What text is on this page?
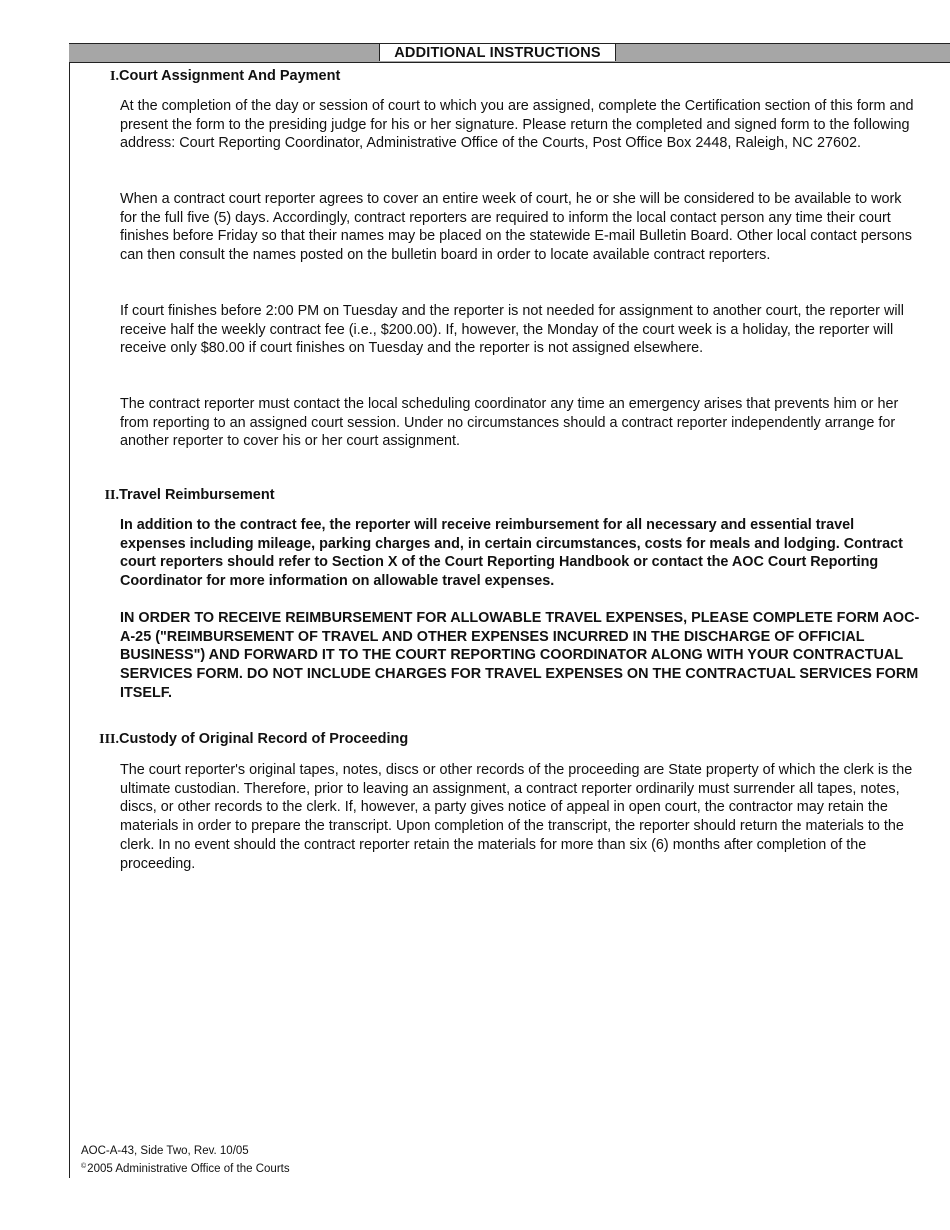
ADDITIONAL INSTRUCTIONS
I. Court Assignment And Payment

At the completion of the day or session of court to which you are assigned, complete the Certification section of this form and present the form to the presiding judge for his or her signature. Please return the completed and signed form to the following address: Court Reporting Coordinator, Administrative Office of the Courts, Post Office Box 2448, Raleigh, NC 27602.

When a contract court reporter agrees to cover an entire week of court, he or she will be considered to be available to work for the full five (5) days. Accordingly, contract reporters are required to inform the local contact person any time their court finishes before Friday so that their names may be placed on the statewide E-mail Bulletin Board. Other local contact persons can then consult the names posted on the bulletin board in order to locate available contract reporters.

If court finishes before 2:00 PM on Tuesday and the reporter is not needed for assignment to another court, the reporter will receive half the weekly contract fee (i.e., $200.00). If, however, the Monday of the court week is a holiday, the reporter will receive only $80.00 if court finishes on Tuesday and the reporter is not assigned elsewhere.

The contract reporter must contact the local scheduling coordinator any time an emergency arises that prevents him or her from reporting to an assigned court session. Under no circumstances should a contract reporter independently arrange for another reporter to cover his or her court assignment.

II. Travel Reimbursement

In addition to the contract fee, the reporter will receive reimbursement for all necessary and essential travel expenses including mileage, parking charges and, in certain circumstances, costs for meals and lodging. Contract court reporters should refer to Section X of the Court Reporting Handbook or contact the AOC Court Reporting Coordinator for more information on allowable travel expenses.

IN ORDER TO RECEIVE REIMBURSEMENT FOR ALLOWABLE TRAVEL EXPENSES, PLEASE COMPLETE FORM AOC-A-25 ("REIMBURSEMENT OF TRAVEL AND OTHER EXPENSES INCURRED IN THE DISCHARGE OF OFFICIAL BUSINESS") AND FORWARD IT TO THE COURT REPORTING COORDINATOR ALONG WITH YOUR CONTRACTUAL SERVICES FORM. DO NOT INCLUDE CHARGES FOR TRAVEL EXPENSES ON THE CONTRACTUAL SERVICES FORM ITSELF.

III. Custody of Original Record of Proceeding

The court reporter's original tapes, notes, discs or other records of the proceeding are State property of which the clerk is the ultimate custodian. Therefore, prior to leaving an assignment, a contract reporter ordinarily must surrender all tapes, notes, discs, or other records to the clerk. If, however, a party gives notice of appeal in open court, the contractor may retain the materials in order to prepare the transcript. Upon completion of the transcript, the reporter should return the materials to the clerk. In no event should the contract reporter retain the materials for more than six (6) months after completion of the proceeding.

AOC-A-43, Side Two, Rev. 10/05
©2005 Administrative Office of the Courts
